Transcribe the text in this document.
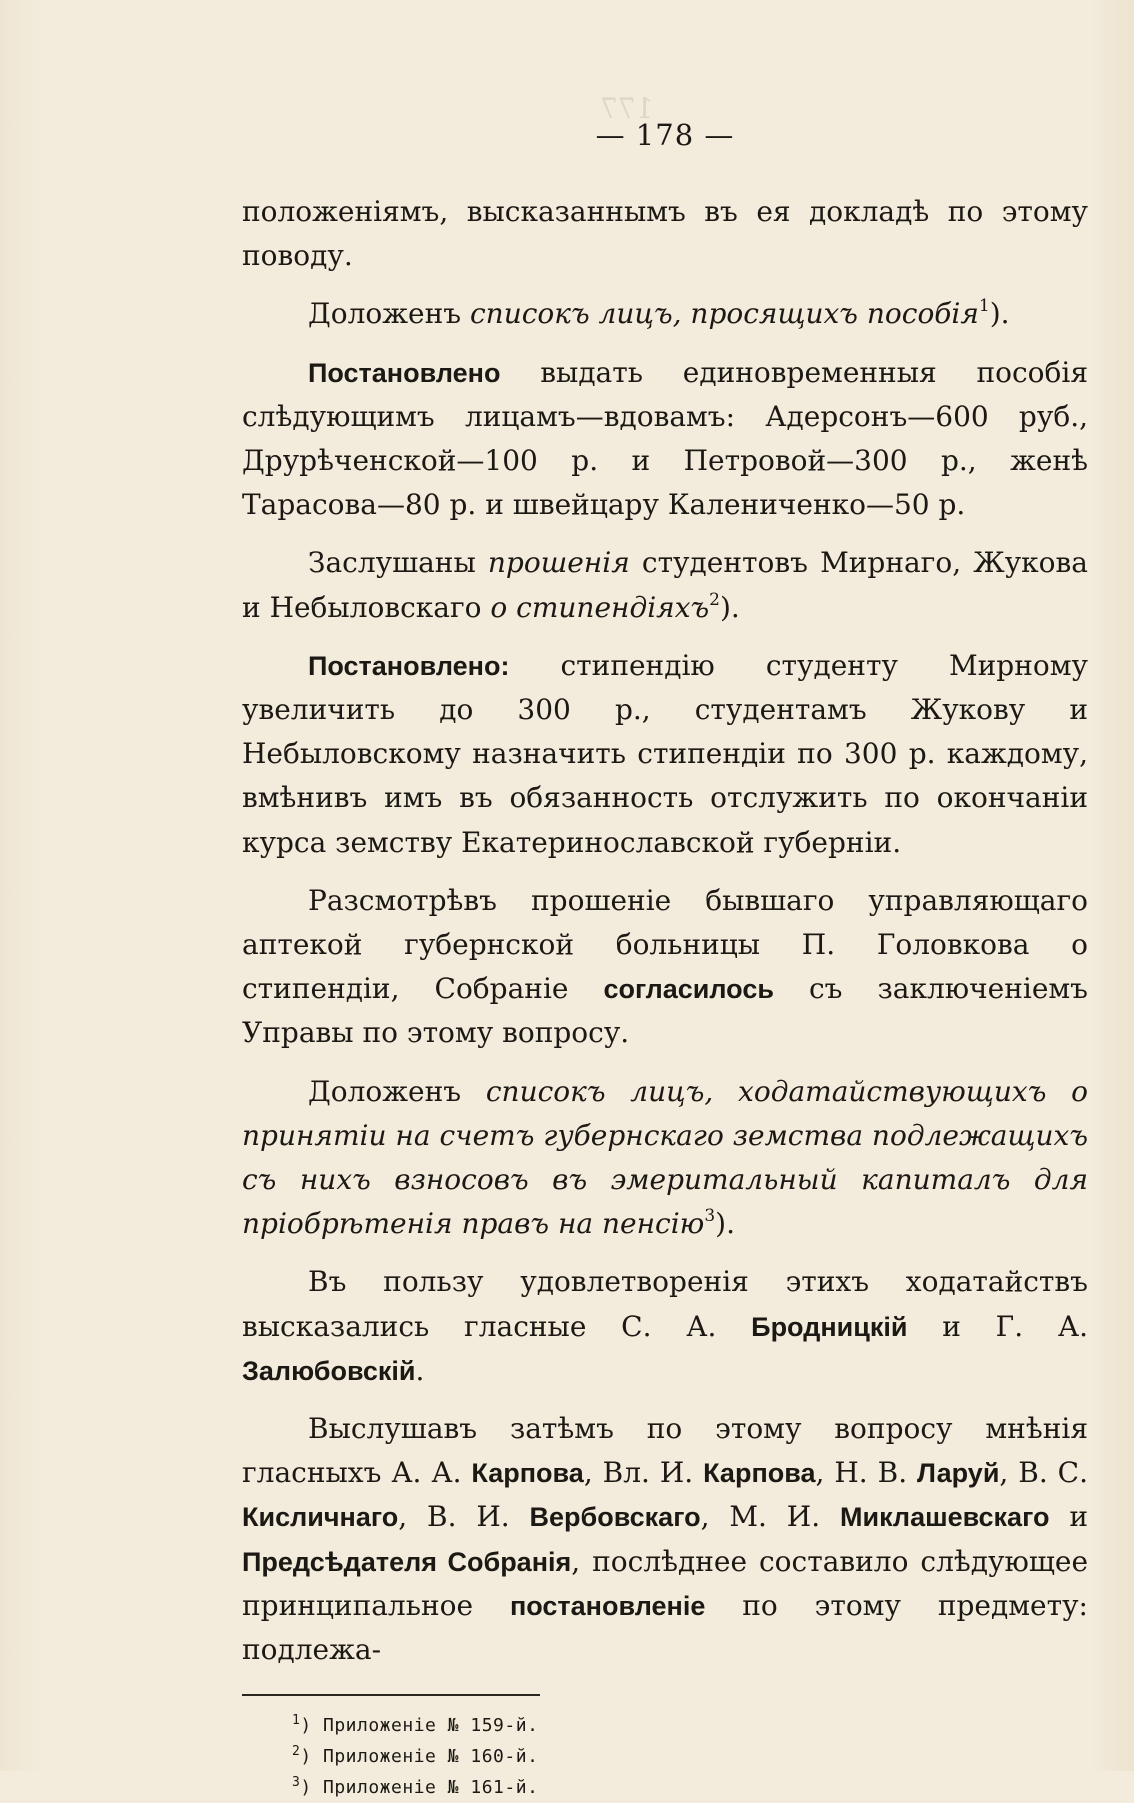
177
— 178 —

положеніямъ, высказаннымъ въ ея докладѣ по этому поводу.

Доложенъ списокъ лицъ, просящихъ пособія$^1$).

Постановлено выдать единовременныя пособія слѣдующимъ лицамъ—вдовамъ: Адерсонъ—600 руб., Друрѣченской—100 р. и Петровой—300 р., женѣ Тарасова—80 р. и швейцару Калениченко—50 р.

Заслушаны прошенія студентовъ Мирнаго, Жукова и Небыловскаго о стипендіяхъ$^2$).

Постановлено: стипендію студенту Мирному увеличить до 300 р., студентамъ Жукову и Небыловскому назначить стипендіи по 300 р. каждому, вмѣнивъ имъ въ обязанность отслужить по окончаніи курса земству Екатеринославской губерніи.

Разсмотрѣвъ прошеніе бывшаго управляющаго аптекой губернской больницы П. Головкова о стипендіи, Собраніе согласилось съ заключеніемъ Управы по этому вопросу.

Доложенъ списокъ лицъ, ходатайствующихъ о принятіи на счетъ губернскаго земства подлежащихъ съ нихъ взносовъ въ эмеритальный капиталъ для пріобрѣтенія правъ на пенсію$^3$).

Въ пользу удовлетворенія этихъ ходатайствъ высказались гласные С. А. Бродницкій и Г. А. Залюбовскій.

Выслушавъ затѣмъ по этому вопросу мнѣнія гласныхъ А. А. Карпова, Вл. И. Карпова, Н. В. Ларуй, В. С. Кисличнаго, В. И. Вербовскаго, М. И. Миклашевскаго и Предсѣдателя Собранія, послѣднее составило слѣдующее принципальное постановленіе по этому предмету: подлежа-

$^1$) Приложеніе № 159-й.
$^2$) Приложеніе № 160-й.
$^3$) Приложеніе № 161-й.
